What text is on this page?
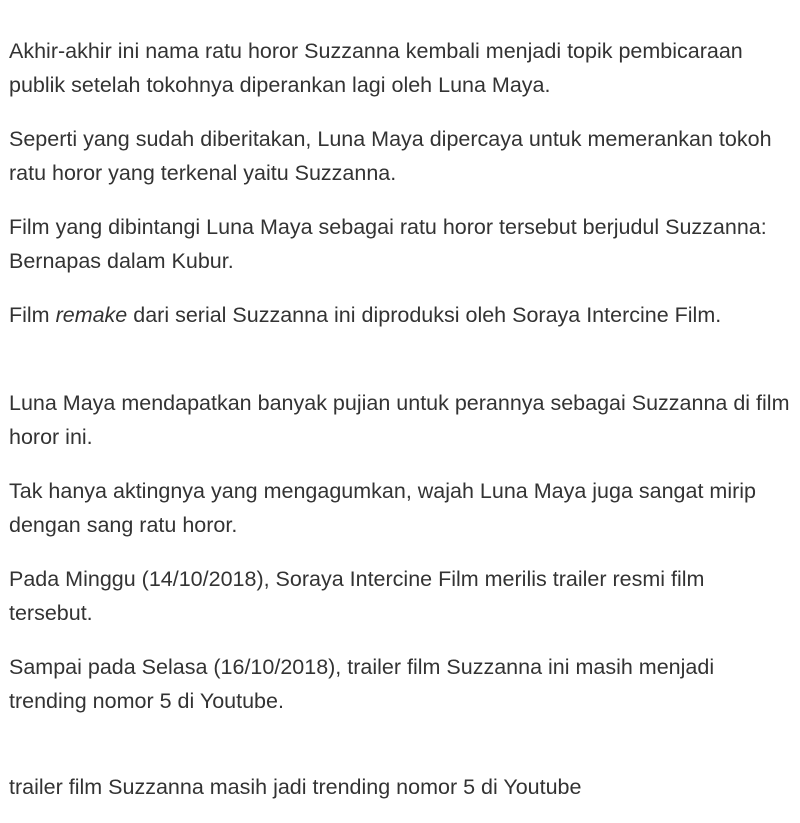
Akhir-akhir ini nama ratu horor Suzzanna kembali menjadi topik pembicaraan publik setelah tokohnya diperankan lagi oleh Luna Maya.

Seperti yang sudah diberitakan, Luna Maya dipercaya untuk memerankan tokoh ratu horor yang terkenal yaitu Suzzanna.

Film yang dibintangi Luna Maya sebagai ratu horor tersebut berjudul Suzzanna: Bernapas dalam Kubur.

Film remake dari serial Suzzanna ini diproduksi oleh Soraya Intercine Film.

Luna Maya mendapatkan banyak pujian untuk perannya sebagai Suzzanna di film horor ini.

Tak hanya aktingnya yang mengagumkan, wajah Luna Maya juga sangat mirip dengan sang ratu horor.

Pada Minggu (14/10/2018), Soraya Intercine Film merilis trailer resmi film tersebut.

Sampai pada Selasa (16/10/2018), trailer film Suzzanna ini masih menjadi trending nomor 5 di Youtube.

trailer film Suzzanna masih jadi trending nomor 5 di Youtube
